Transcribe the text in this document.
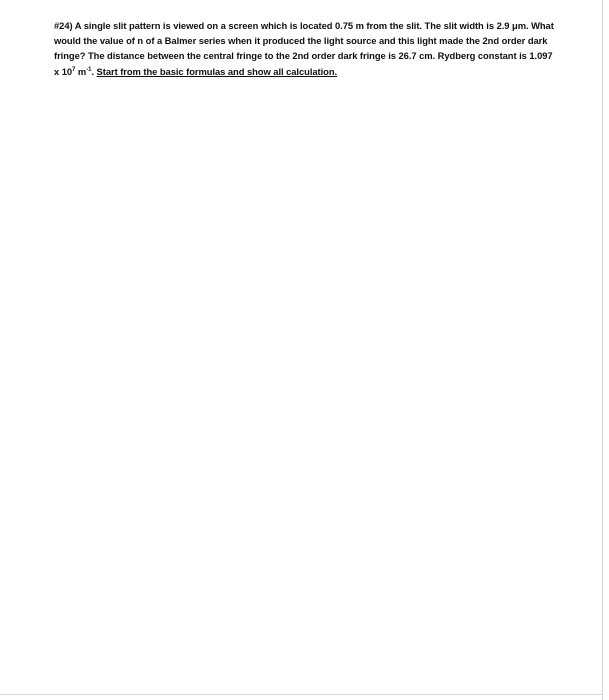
#24) A single slit pattern is viewed on a screen which is located 0.75 m from the slit. The slit width is 2.9 μm. What would the value of n of a Balmer series when it produced the light source and this light made the 2nd order dark fringe? The distance between the central fringe to the 2nd order dark fringe is 26.7 cm. Rydberg constant is 1.097 x $10^7$ $m^{-1}$. Start from the basic formulas and show all calculation.
